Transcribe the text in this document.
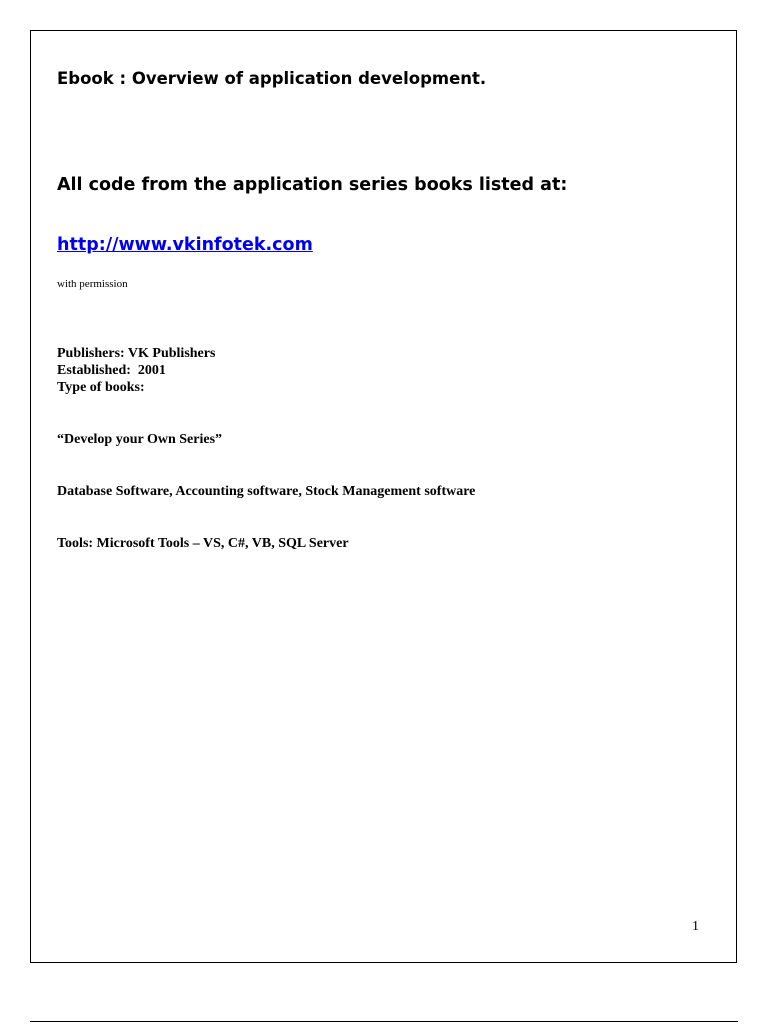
Ebook : Overview of application development.
All code from the application series books listed at:
http://www.vkinfotek.com

with permission

Publishers: VK Publishers
Established:  2001
Type of books:

“Develop your Own Series”

Database Software, Accounting software, Stock Management software

Tools: Microsoft Tools – VS, C#, VB, SQL Server

1
